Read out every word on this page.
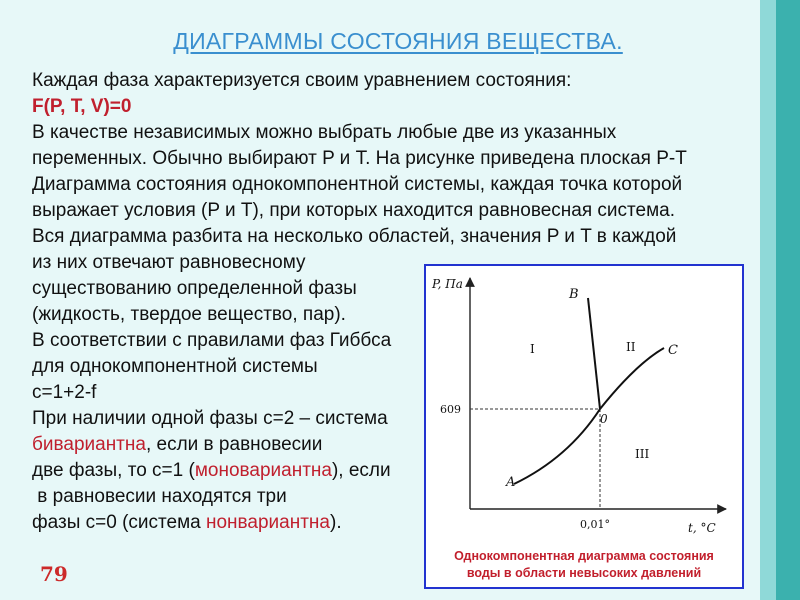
ДИАГРАММЫ СОСТОЯНИЯ ВЕЩЕСТВА.
Каждая фаза характеризуется своим уравнением состояния:
F(P, T, V)=0
В качестве независимых можно выбрать любые две из указанных
переменных. Обычно выбирают P и T. На рисунке приведена плоская P-T
Диаграмма состояния однокомпонентной системы, каждая точка которой
выражает условия (P и T), при которых находится равновесная система.
Вся диаграмма разбита на несколько областей, значения P и T в каждой
из них отвечают равновесному
существованию определенной фазы
(жидкость, твердое вещество, пар).
В соответствии с правилами фаз Гиббса
для однокомпонентной системы
c=1+2-f
При наличии одной фазы c=2 – система
бивариантна, если в равновесии
две фазы, то c=1 (моновариантна), если
в равновесии находятся три
фазы c=0 (система нонвариантна).
79
P, Па
609
0,01°	t, °C
0
A
B
C
I	II
III
Однокомпонентная диаграмма состояния
воды в области невысоких давлений
